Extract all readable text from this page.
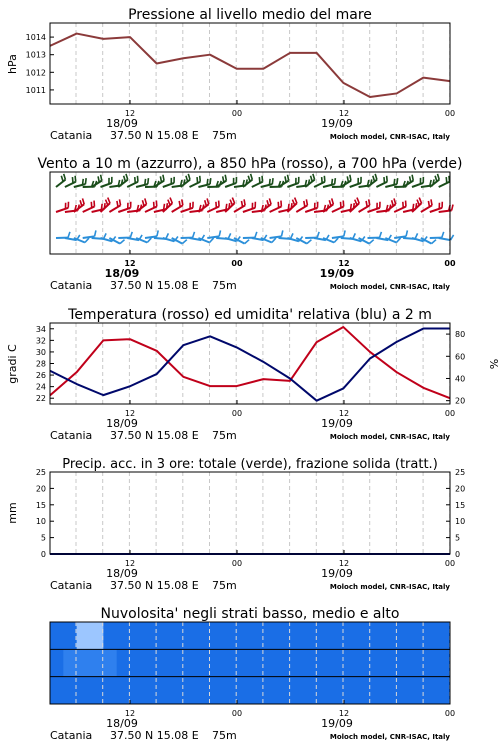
Pressione al livello medio del mare
1011
1012
1013
1014
hPa
12	00	12	00
18/09	19/09
Catania 37.50 N 15.08 E 75m	Moloch model, CNR-ISAC, Italy
Vento a 10 m (azzurro), a 850 hPa (rosso), a 700 hPa (verde)
12	00	12	00
18/09	19/09
Catania 37.50 N 15.08 E 75m	Moloch model, CNR-ISAC, Italy
Temperatura (rosso) ed umidita' relativa (blu) a 2 m
22
24
26
28
30
32
34
20
40
60
80
gradi C	%
12	00	12	00
18/09	19/09
Catania 37.50 N 15.08 E 75m	Moloch model, CNR-ISAC, Italy
Precip. acc. in 3 ore: totale (verde), frazione solida (tratt.)
0	0
5	5
10	10
15	15
20	20
25	25
mm
12	00	12	00
18/09	19/09
Catania 37.50 N 15.08 E 75m	Moloch model, CNR-ISAC, Italy
Nuvolosita' negli strati basso, medio e alto
12	00	12	00
18/09	19/09
Catania 37.50 N 15.08 E 75m	Moloch model, CNR-ISAC, Italy
